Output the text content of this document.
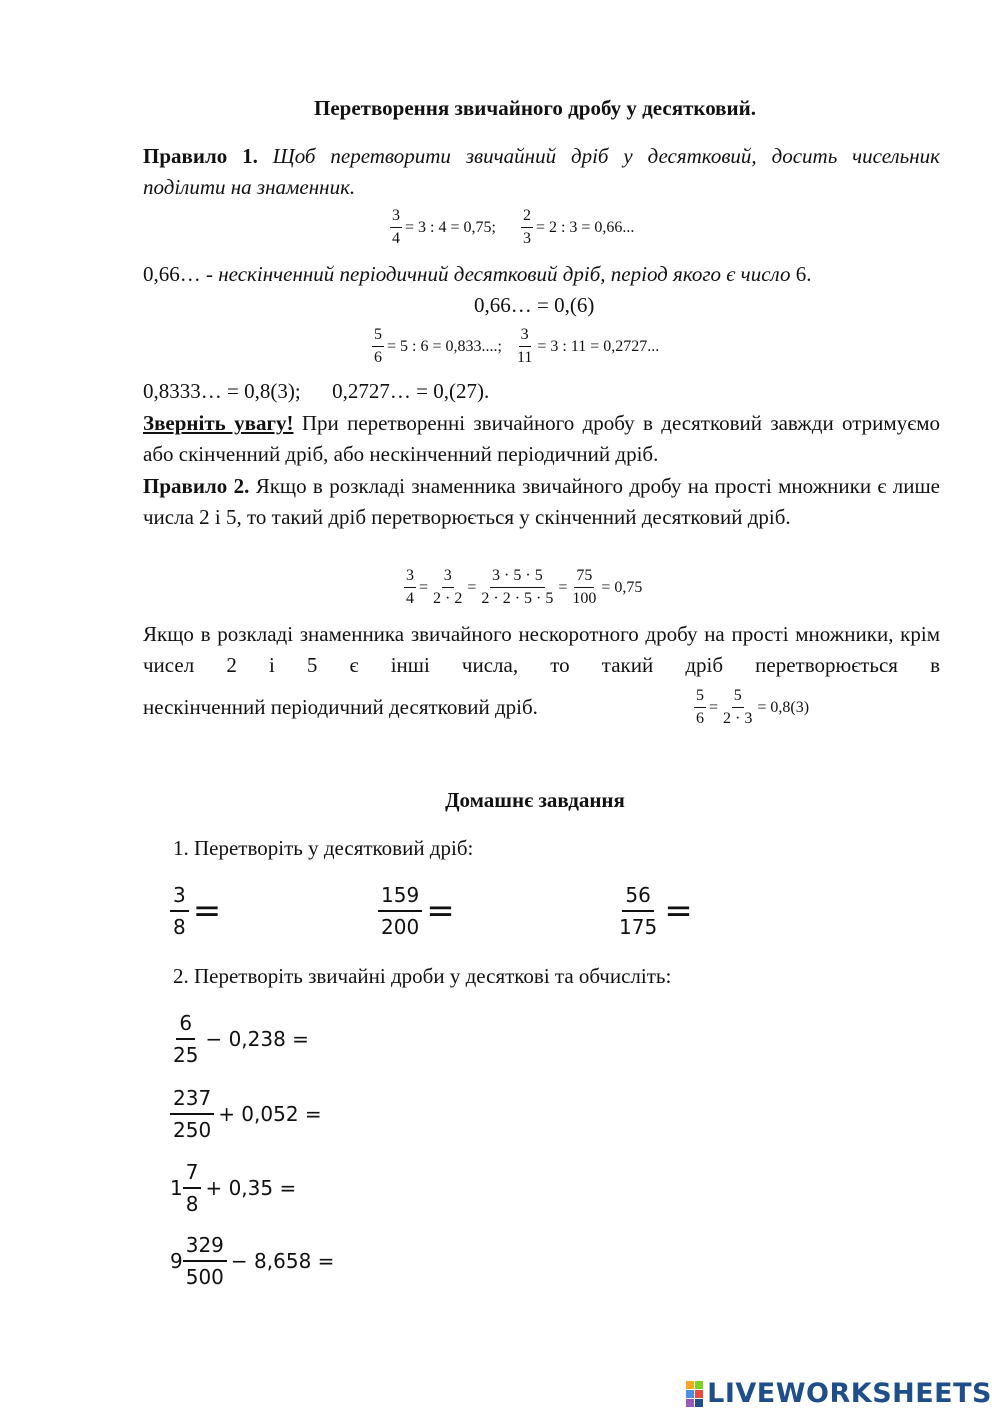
Перетворення звичайного дробу у десятковий.
Правило 1. Щоб перетворити звичайний дріб у десятковий, досить чисельник поділити на знаменник.
$\frac{3}{4} = 3$ : 4 = 0,75; $\frac{2}{3} = 2$ : 3 = 0,66...
0,66… - нескінченний періодичний десятковий дріб, період якого є число 6.
0,66… = 0,(6)
$\frac{5}{6} = 5$ : 6 = 0,833....; $\frac{3}{11} = 3$ : 11 = 0,2727...
0,8333… = 0,8(3);      0,2727… = 0,(27).
Зверніть увагу! При перетворенні звичайного дробу в десятковий завжди отримуємо або скінченний дріб, або нескінченний періодичний дріб.
Правило 2. Якщо в розкладі знаменника звичайного дробу на прості множники є лише числа 2 і 5, то такий дріб перетворюється у скінченний десятковий дріб.
$\frac{3}{4} = \frac{3}{2 \cdot 2} = \frac{3 \cdot 5 \cdot 5}{2 \cdot 2 \cdot 5 \cdot 5} = \frac{75}{100} = 0,75$
Якщо в розкладі знаменника звичайного нескоротного дробу на прості множники, крім чисел 2 і 5 є інші числа, то такий дріб перетворюється в
нескінченний періодичний десятковий дріб.	$\frac{5}{6} = \frac{5}{2 \cdot 3} = 0,8(3)$
Домашнє завдання
1. Перетворіть у десятковий дріб:
$\frac{3}{8}$ =	$\frac{159}{200}$ =	$\frac{56}{175}$ =
2. Перетворіть звичайні дроби у десяткові та обчисліть:
$\frac{6}{25} - 0,238$ =
$\frac{237}{250} + 0,052$ =
$1 \frac{7}{8} + 0,35$ =
$9 \frac{329}{500} - 8,658$ =
LIVEWORKSHEETS
